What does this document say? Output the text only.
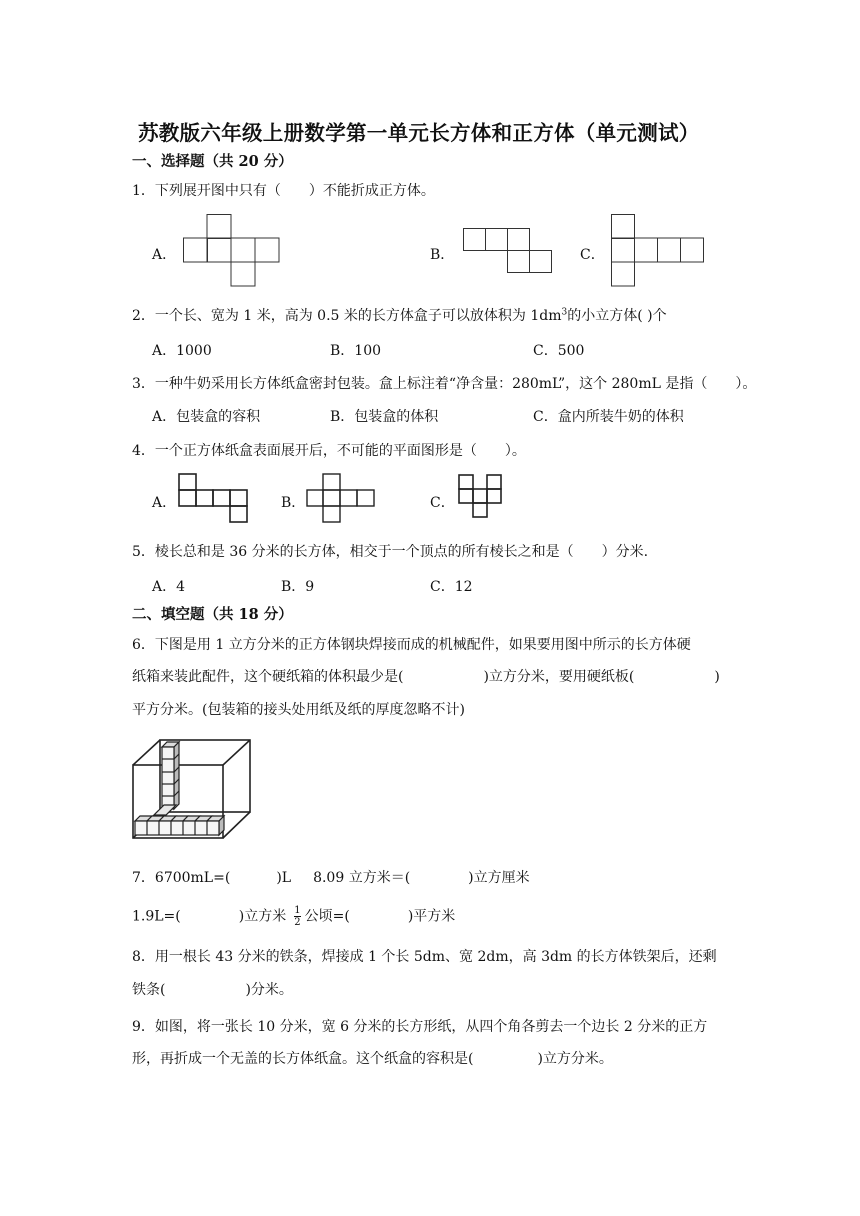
苏教版六年级上册数学第一单元长方体和正方体（单元测试）
一、选择题（共 20 分）
1．下列展开图中只有（　　）不能折成正方体。
A．	B．	C．
2．一个长、宽为 1 米，高为 0.5 米的长方体盒子可以放体积为 $1dm^3$的小立方体( )个
A．1000	B．100	C．500
3．一种牛奶采用长方体纸盒密封包装。盒上标注着“净含量：280mL”，这个 280mL 是指（　　）。
A．包装盒的容积	B．包装盒的体积	C．盒内所装牛奶的体积
4．一个正方体纸盒表面展开后，不可能的平面图形是（　　）。
A．	B．	C．
5．棱长总和是 36 分米的长方体，相交于一个顶点的所有棱长之和是（　　）分米.
A．4	B．9	C．12
二、填空题（共 18 分）
6．下图是用 1 立方分米的正方体钢块焊接而成的机械配件，如果要用图中所示的长方体硬
纸箱来装此配件，这个硬纸箱的体积最少是(	)立方分米，要用硬纸板(	)
平方分米。(包装箱的接头处用纸及纸的厚度忽略不计)
7．6700mL=(	)L 8.09 立方米＝(	)立方厘米
1.9L=(	)立方米 $\frac{1}{2}$ 公顷=(	)平方米
8．用一根长 43 分米的铁条，焊接成 1 个长 5dm、宽 2dm，高 3dm 的长方体铁架后，还剩
铁条(	)分米。
9．如图，将一张长 10 分米，宽 6 分米的长方形纸，从四个角各剪去一个边长 2 分米的正方
形，再折成一个无盖的长方体纸盒。这个纸盒的容积是(	)立方分米。
